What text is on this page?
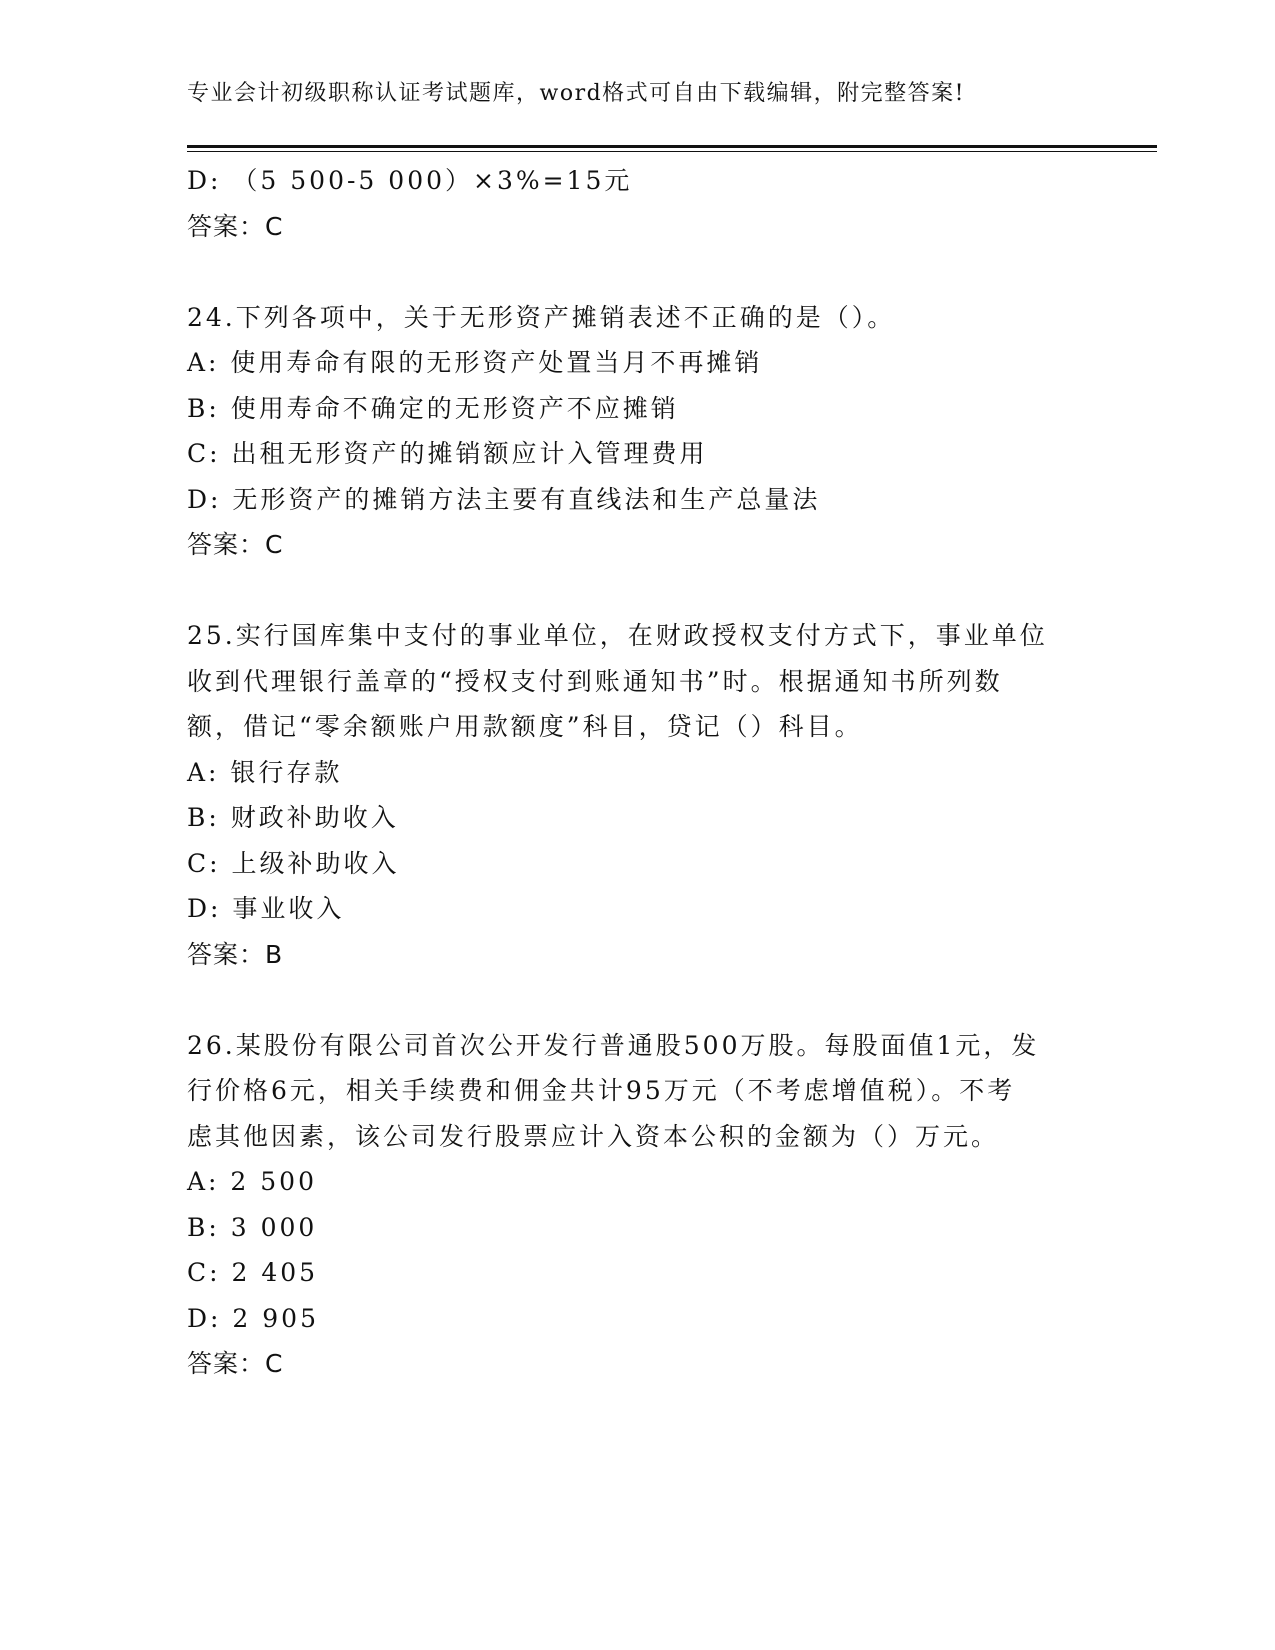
专业会计初级职称认证考试题库，word格式可自由下载编辑，附完整答案!
D: （5 500-5 000）×3%=15元
答案：C
24.下列各项中，关于无形资产摊销表述不正确的是（）。
A: 使用寿命有限的无形资产处置当月不再摊销
B: 使用寿命不确定的无形资产不应摊销
C: 出租无形资产的摊销额应计入管理费用
D: 无形资产的摊销方法主要有直线法和生产总量法
答案：C
25.实行国库集中支付的事业单位，在财政授权支付方式下，事业单位
收到代理银行盖章的“授权支付到账通知书”时。根据通知书所列数
额，借记“零余额账户用款额度”科目，贷记（）科目。
A: 银行存款
B: 财政补助收入
C: 上级补助收入
D: 事业收入
答案：B
26.某股份有限公司首次公开发行普通股500万股。每股面值1元，发
行价格6元，相关手续费和佣金共计95万元（不考虑增值税）。不考
虑其他因素，该公司发行股票应计入资本公积的金额为（）万元。
A: 2 500
B: 3 000
C: 2 405
D: 2 905
答案：C
